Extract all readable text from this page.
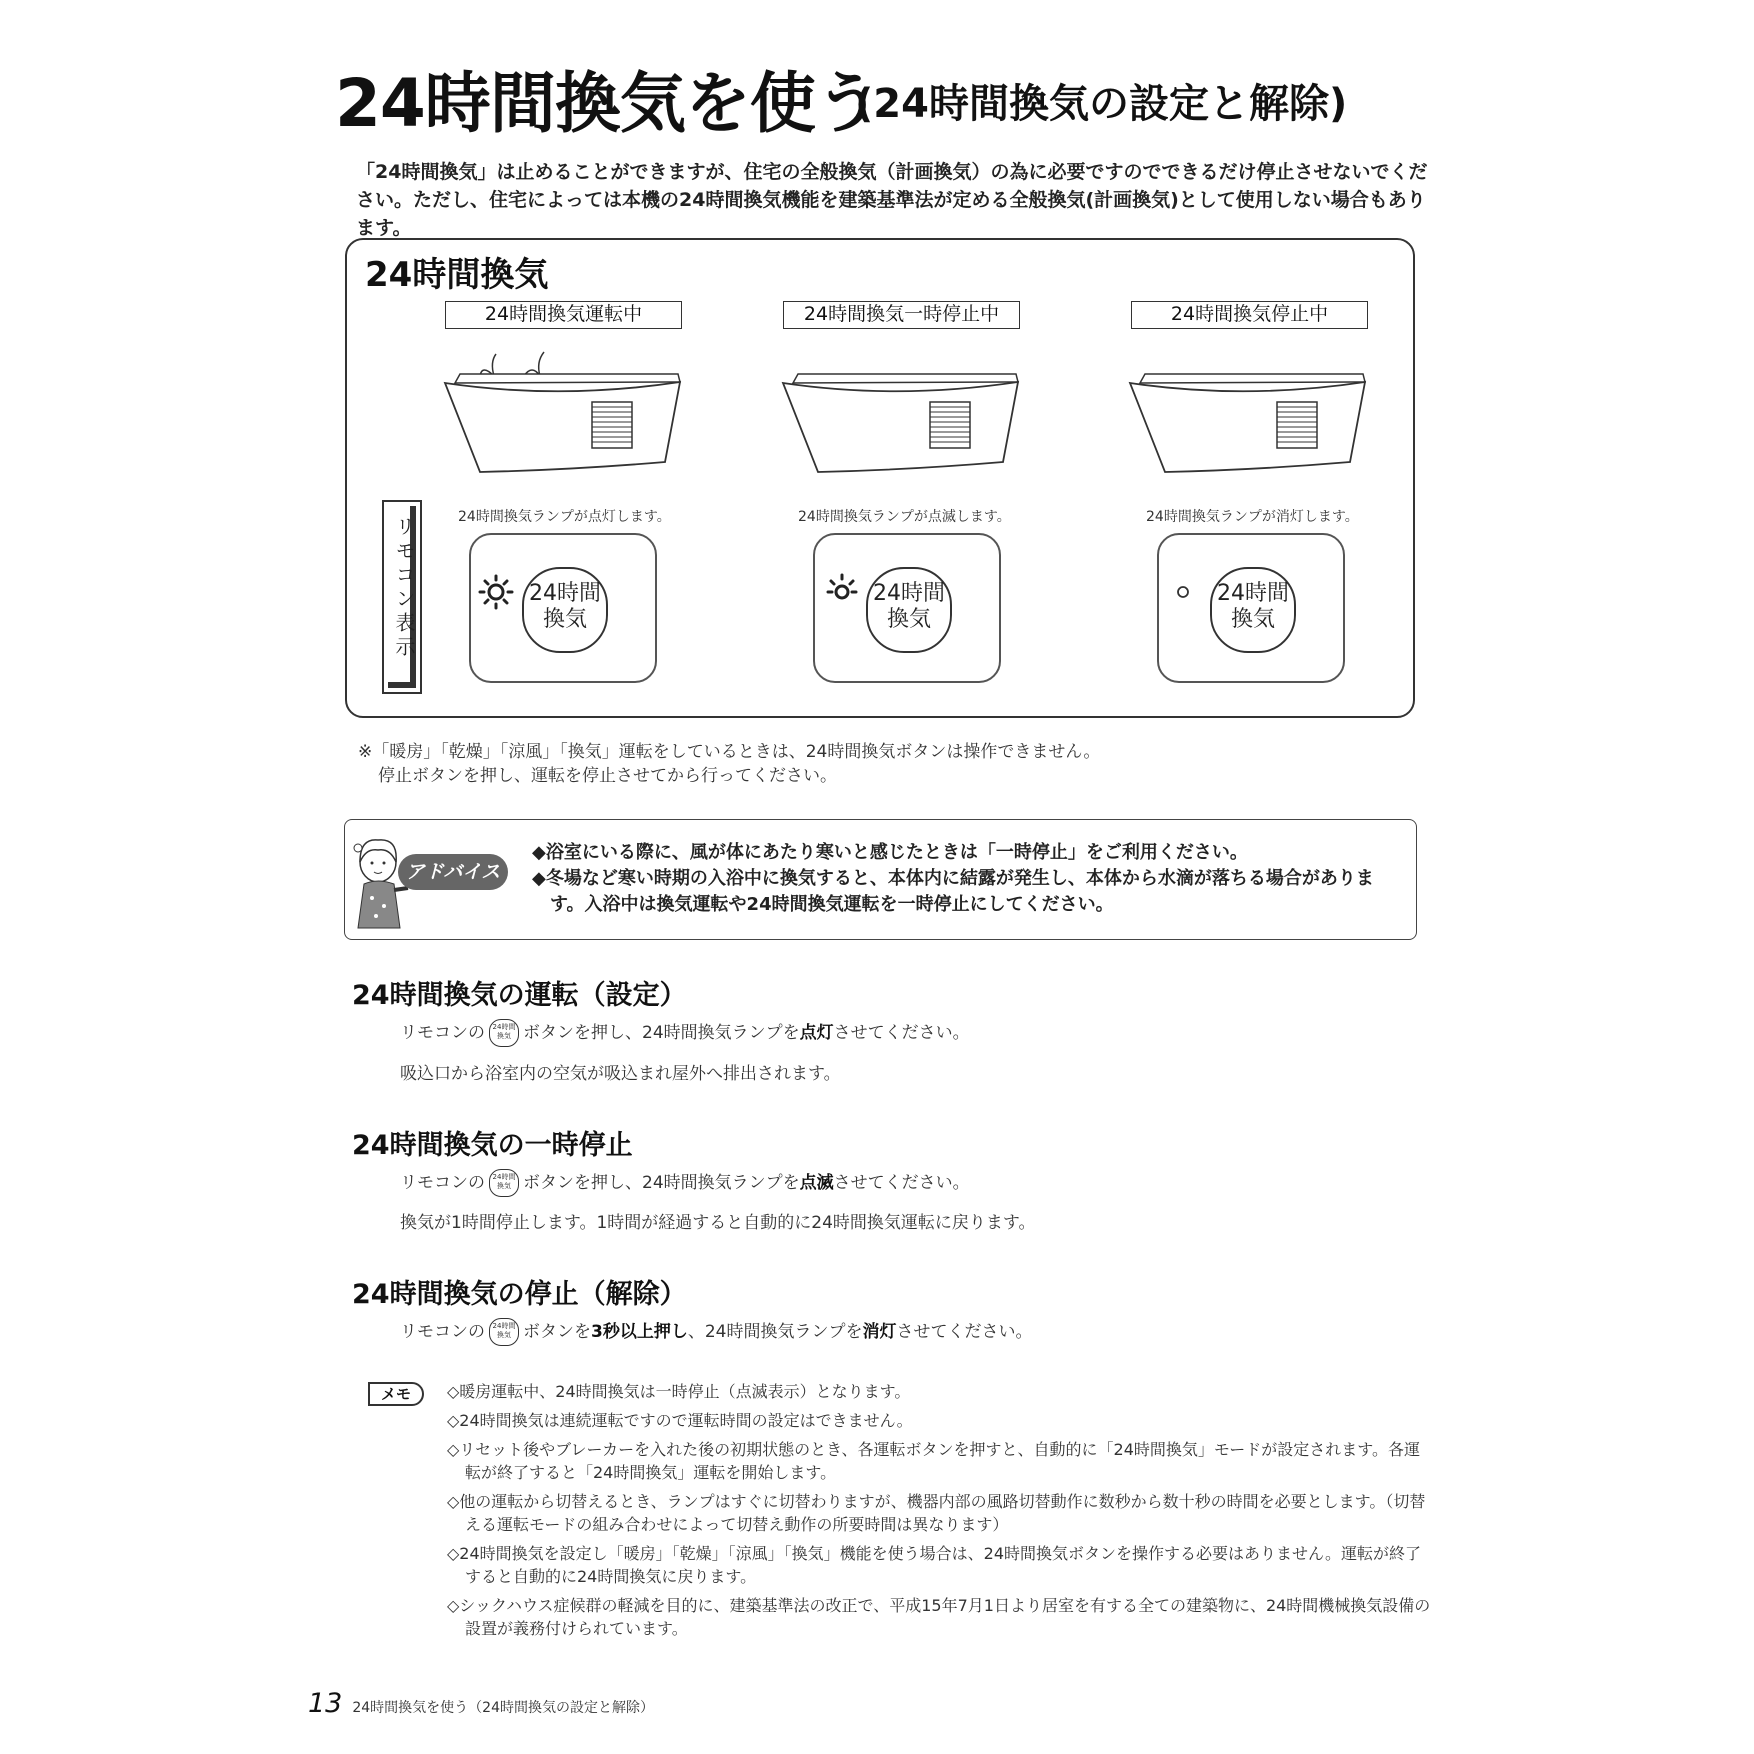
24時間換気を使う
(24時間換気の設定と解除)
「24時間換気」は止めることができますが、住宅の全般換気（計画換気）の為に必要ですのでできるだけ停止させないでください。ただし、住宅によっては本機の24時間換気機能を建築基準法が定める全般換気(計画換気)として使用しない場合もあります。
24時間換気
24時間換気運転中	24時間換気一時停止中	24時間換気停止中
リモコン表示	24時間換気ランプが点灯します。	24時間換気ランプが点滅します。	24時間換気ランプが消灯します。
24時間
換気
24時間
換気
24時間
換気
※「暖房」「乾燥」「涼風」「換気」運転をしているときは、24時間換気ボタンは操作できません。
停止ボタンを押し、運転を停止させてから行ってください。
アドバイス
◆浴室にいる際に、風が体にあたり寒いと感じたときは「一時停止」をご利用ください。
◆冬場など寒い時期の入浴中に換気すると、本体内に結露が発生し、本体から水滴が落ちる場合があります。入浴中は換気運転や24時間換気運転を一時停止にしてください。
24時間換気の運転（設定）
リモコンの 24時間
換気 ボタンを押し、24時間換気ランプを点灯させてください。
吸込口から浴室内の空気が吸込まれ屋外へ排出されます。
24時間換気の一時停止
リモコンの 24時間
換気 ボタンを押し、24時間換気ランプを点滅させてください。
換気が1時間停止します。1時間が経過すると自動的に24時間換気運転に戻ります。
24時間換気の停止（解除）
リモコンの 24時間
換気 ボタンを3秒以上押し、24時間換気ランプを消灯させてください。
メモ	◇暖房運転中、24時間換気は一時停止（点滅表示）となります。

◇24時間換気は連続運転ですので運転時間の設定はできません。

◇リセット後やブレーカーを入れた後の初期状態のとき、各運転ボタンを押すと、自動的に「24時間換気」モードが設定されます。各運転が終了すると「24時間換気」運転を開始します。

◇他の運転から切替えるとき、ランプはすぐに切替わりますが、機器内部の風路切替動作に数秒から数十秒の時間を必要とします。（切替える運転モードの組み合わせによって切替え動作の所要時間は異なります）

◇24時間換気を設定し「暖房」「乾燥」「涼風」「換気」機能を使う場合は、24時間換気ボタンを操作する必要はありません。運転が終了すると自動的に24時間換気に戻ります。

◇シックハウス症候群の軽減を目的に、建築基準法の改正で、平成15年7月1日より居室を有する全ての建築物に、24時間機械換気設備の設置が義務付けられています。

13 24時間換気を使う（24時間換気の設定と解除）
